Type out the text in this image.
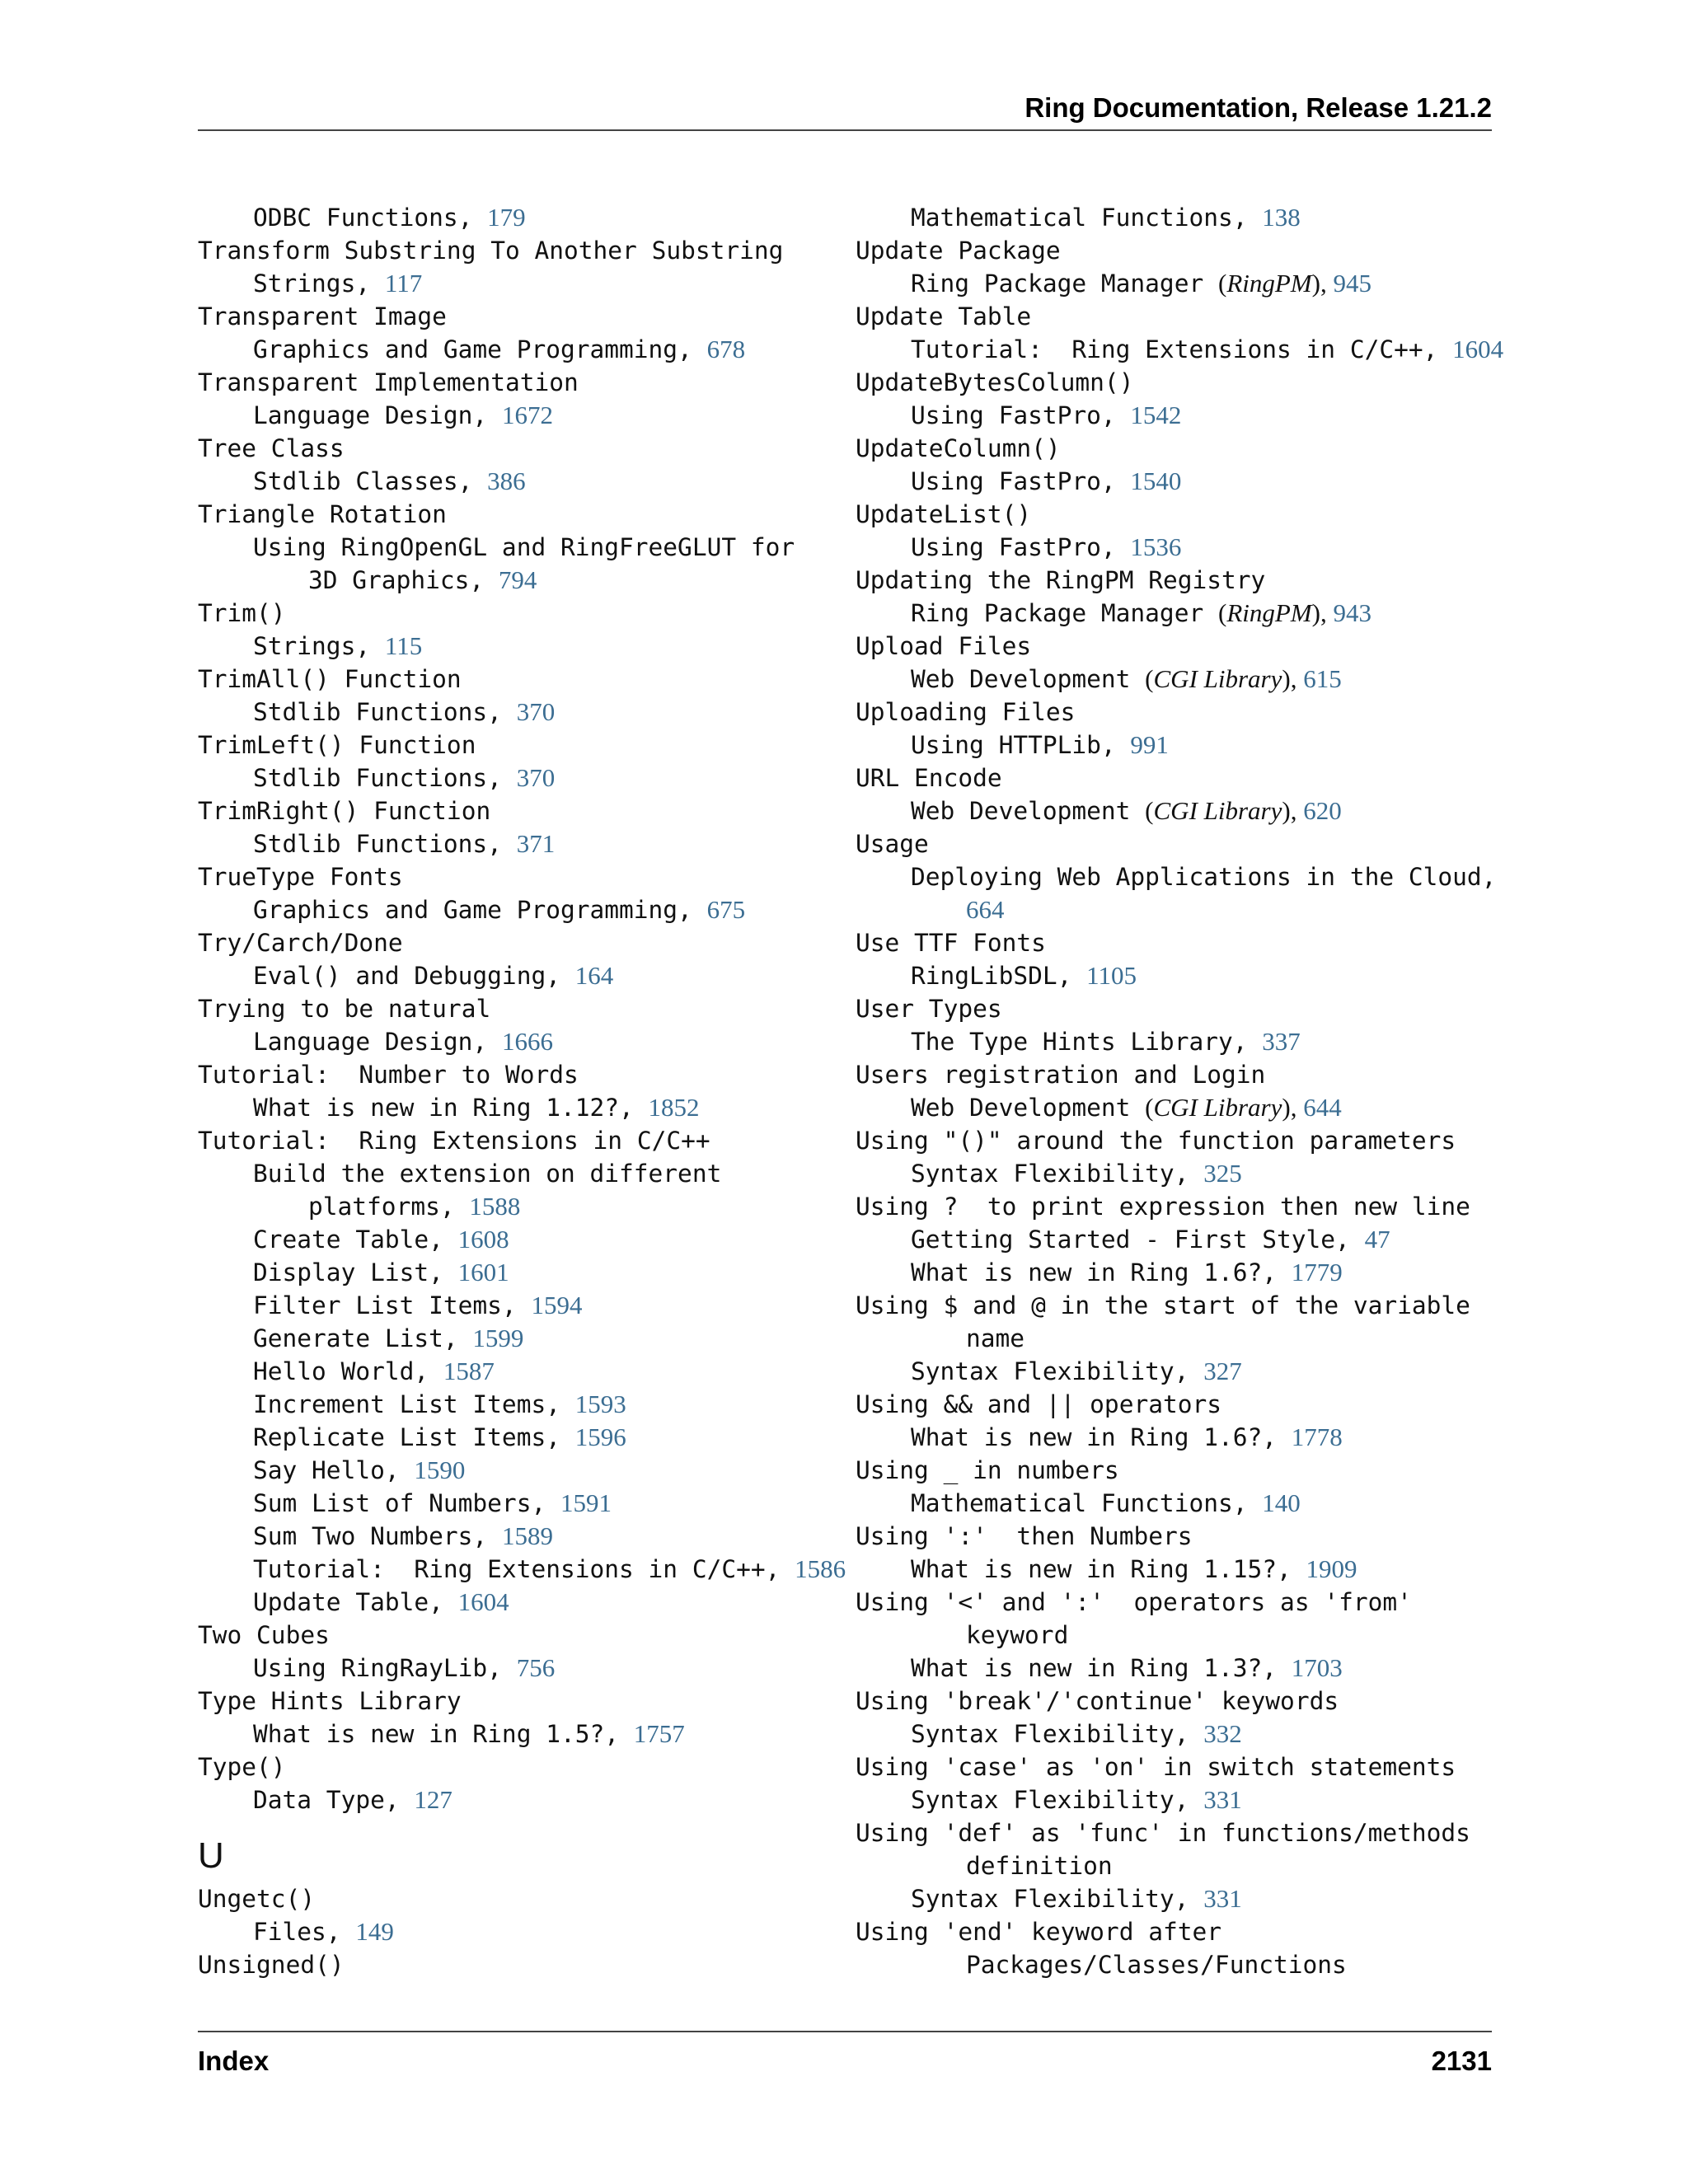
Ring Documentation, Release 1.21.2
ODBC Functions, 179
Transform Substring To Another Substring
Strings, 117
Transparent Image
Graphics and Game Programming, 678
Transparent Implementation
Language Design, 1672
Tree Class
Stdlib Classes, 386
Triangle Rotation
Using RingOpenGL and RingFreeGLUT for
3D Graphics, 794
Trim()
Strings, 115
TrimAll() Function
Stdlib Functions, 370
TrimLeft() Function
Stdlib Functions, 370
TrimRight() Function
Stdlib Functions, 371
TrueType Fonts
Graphics and Game Programming, 675
Try/Carch/Done
Eval() and Debugging, 164
Trying to be natural
Language Design, 1666
Tutorial:  Number to Words
What is new in Ring 1.12?, 1852
Tutorial:  Ring Extensions in C/C++
Build the extension on different
platforms, 1588
Create Table, 1608
Display List, 1601
Filter List Items, 1594
Generate List, 1599
Hello World, 1587
Increment List Items, 1593
Replicate List Items, 1596
Say Hello, 1590
Sum List of Numbers, 1591
Sum Two Numbers, 1589
Tutorial:  Ring Extensions in C/C++, 1586
Update Table, 1604
Two Cubes
Using RingRayLib, 756
Type Hints Library
What is new in Ring 1.5?, 1757
Type()
Data Type, 127
U
Ungetc()
Files, 149
Unsigned()
Mathematical Functions, 138
Update Package
Ring Package Manager (RingPM), 945
Update Table
Tutorial:  Ring Extensions in C/C++, 1604
UpdateBytesColumn()
Using FastPro, 1542
UpdateColumn()
Using FastPro, 1540
UpdateList()
Using FastPro, 1536
Updating the RingPM Registry
Ring Package Manager (RingPM), 943
Upload Files
Web Development (CGI Library), 615
Uploading Files
Using HTTPLib, 991
URL Encode
Web Development (CGI Library), 620
Usage
Deploying Web Applications in the Cloud,
664
Use TTF Fonts
RingLibSDL, 1105
User Types
The Type Hints Library, 337
Users registration and Login
Web Development (CGI Library), 644
Using "()" around the function parameters
Syntax Flexibility, 325
Using ?  to print expression then new line
Getting Started - First Style, 47
What is new in Ring 1.6?, 1779
Using $ and @ in the start of the variable
name
Syntax Flexibility, 327
Using && and || operators
What is new in Ring 1.6?, 1778
Using _ in numbers
Mathematical Functions, 140
Using ':'  then Numbers
What is new in Ring 1.15?, 1909
Using '<' and ':'  operators as 'from'
keyword
What is new in Ring 1.3?, 1703
Using 'break'/'continue' keywords
Syntax Flexibility, 332
Using 'case' as 'on' in switch statements
Syntax Flexibility, 331
Using 'def' as 'func' in functions/methods
definition
Syntax Flexibility, 331
Using 'end' keyword after
Packages/Classes/Functions
Index	2131
